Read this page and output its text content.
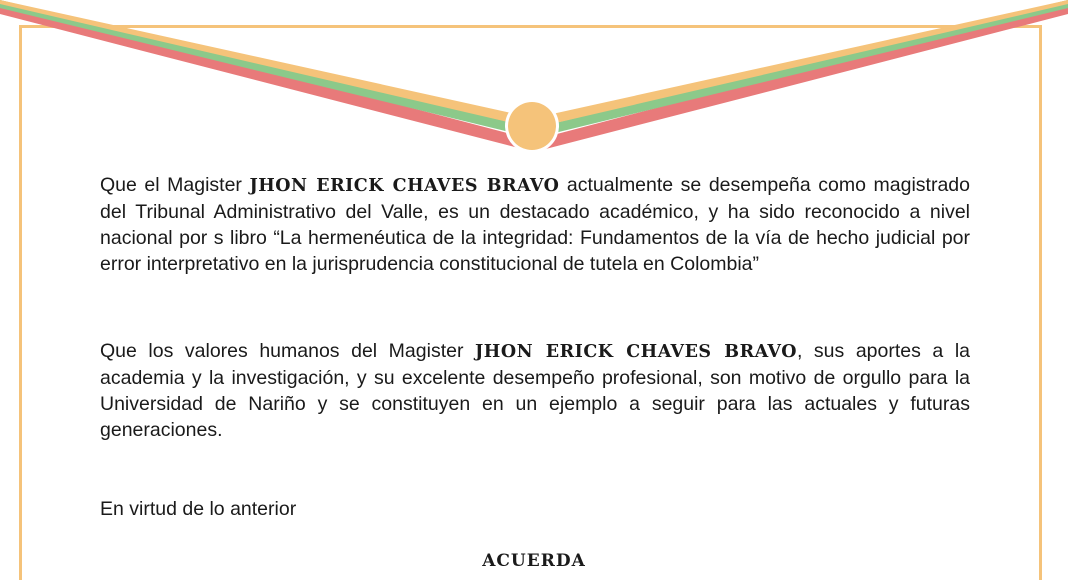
Que el Magister JHON ERICK CHAVES BRAVO actualmente se desempeña como magistrado del Tribunal Administrativo del Valle, es un destacado académico, y ha sido reconocido a nivel nacional por s libro “La hermenéutica de la integridad: Fundamentos de la vía de hecho judicial por error interpretativo en la jurisprudencia constitucional de tutela en Colombia”
Que los valores humanos del Magister JHON ERICK CHAVES BRAVO, sus aportes a la academia y la investigación, y su excelente desempeño profesional, son motivo de orgullo para la Universidad de Nariño y se constituyen en un ejemplo a seguir para las actuales y futuras generaciones.
En virtud de lo anterior
ACUERDA
